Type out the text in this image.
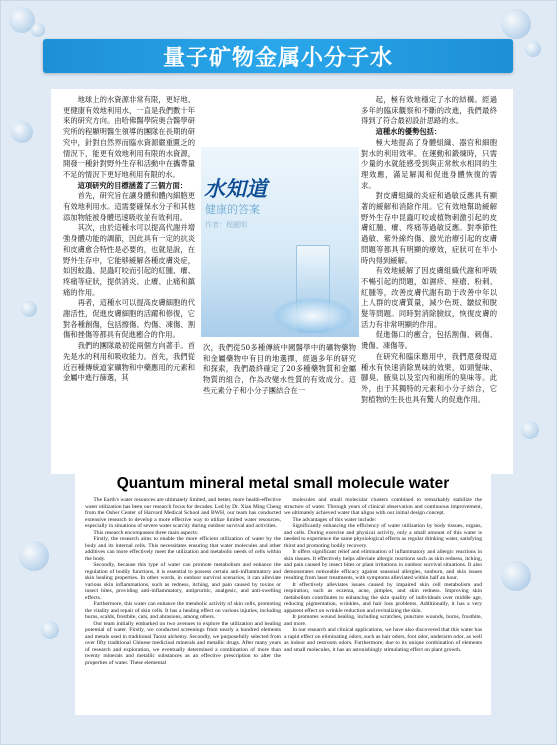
量子矿物金属小分子水

地球上的水資源非常有限，更好地、更健康有效地利用水，一直是我們數十年來的研究方向。由哈佛醫學院奧合醫學研究所的程顯明醫生領導的團隊在長期的研究中，針對自然界而臨水資源嚴重匱乏的情況下，能更有效地利用有限的水資源，開發一種針對野外生存和活動中在攜帶量不足的情況下更好地利用有限的水。

這項研究的目標涵蓋了三個方面：

首先，研究旨在讓身體和體內細胞更有效地利用水。這需要確保水分子和其他添加物能被身體迅速吸收並有效利用。

其次，由於這種水可以提高代謝并增強身體功能的調節，因此具有一定的抗炎和皮膚愈合特性是必要的，也就是說，在野外生存中，它能够緩解各種皮膚炎症，如因蚊蟲、昆蟲叮咬而引起的紅腫、癢、疼痛等症狀，提供消炎、止癢、止痛和鎮痛的作用。

再者，這種水可以提高皮膚細胞的代謝活性，促進皮膚細胞的活躍和修復，它對各種創傷，包括擦傷、灼傷、凍傷、割傷和挫傷等都具有促進癒合的作用。

我們的團隊最初從兩個方向著手。首先是水的利用和吸收能力。首先，我們從近百種傳統道家礦物和中藥應用的元素和金屬中進行篩選，其

水知道
健康的答案
作者：程顯明

次，我們從50多種傳統中國醫學中的礦物藥物和金屬藥物中有目的地選擇，經過多年的研究和探索，我們最終確定了20多種藥物質和金屬物質的組合，作為改變水性質的有效成分。這些元素分子和小分子團結合在一

起，極有效地穩定了水的結構。經過多年的臨床觀察和不斷的改進，我們最終得到了符合最初設計思路的水。

這種水的優勢包括：

極大地提高了身體組織、器官和細胞對水的利用效率。在運動和鍛煉時，只需少量的水就能感受到與正常飲水相同的生理效應，滿足解渴和促進身體恢復的需求。

對皮膚組織的炎症和過敏反應具有顯著的緩解和消除作用。它有效地幫助緩解野外生存中昆蟲叮咬或植物刺激引起的皮膚紅腫、癢、疼痛等過敏反應。對季節性過敏、紫外線灼傷、激光治療引起的皮膚問題等都具有明顯的療效，症狀可在半小時內得到緩解。

有效地緩解了因皮膚組織代謝和呼吸不暢引起的問題，如濕疹、痤瘡、粉刺、紅腫等，改善皮膚代謝有助于改善中年以上人群的皮膚質量，減少色斑、皺紋和脫髮等問題。同時對消除臉紋，恢復皮膚的活力有非常明顯的作用。

促進傷口的癒合，包括割傷、刺傷、燙傷、凍傷等。

在研究和臨床應用中，我們還發現這種水有快速消除異味的效果，如頭髮味、腳臭、腋臭以及室內和廁所的臭味等。此外，由于其獨特的元素和小分子結合，它對植物的生長也具有驚人的促進作用。

Quantum mineral metal small molecule water

The Earth's water resources are ultimately limited, and better, more health-effective water utilization has been our research focus for decades. Led by Dr. Xian Ming Cheng from the Osher Center of Harvard Medical School and BWH, our team has conducted extensive research to develop a more effective way to utilize limited water resources, especially in situations of severe water scarcity during outdoor survival and activities.

This research encompasses three main aspects:

Firstly, the research aims to enable the more efficient utilization of water by the body and its internal cells. This necessitates ensuring that water molecules and other additives can more effectively meet the utilization and metabolic needs of cells within the body.

Secondly, because this type of water can promote metabolism and enhance the regulation of bodily functions, it is essential to possess certain anti-inflammatory and skin healing properties. In other words, in outdoor survival scenarios, it can alleviate various skin inflammations, such as redness, itching, and pain caused by toxins or insect bites, providing anti-inflammatory, antipruritic, analgesic, and anti-swelling effects.

Furthermore, this water can enhance the metabolic activity of skin cells, promoting the vitality and repair of skin cells. It has a healing effect on various injuries, including burns, scalds, frostbite, cuts, and abrasions, among others.

Our team initially embarked on two avenues to explore the utilization and healing potential of water. Firstly, we conducted screenings from nearly a hundred elements and metals used in traditional Taoist alchemy. Secondly, we purposefully selected from over fifty traditional Chinese medicinal minerals and metallic drugs. After many years of research and exploration, we eventually determined a combination of more than twenty minerals and metallic substances as an effective prescription to alter the properties of water. These elemental

molecules and small molecular clusters combined to remarkably stabilize the structure of water. Through years of clinical observation and continuous improvement, we ultimately achieved water that aligns with our initial design concept.

The advantages of this water include:

Significantly enhancing the efficiency of water utilization by body tissues, organs, and cells. During exercise and physical activity, only a small amount of this water is needed to experience the same physiological effects as regular drinking water, satisfying thirst and promoting bodily recovery.

It offers significant relief and elimination of inflammatory and allergic reactions in skin tissues. It effectively helps alleviate allergic reactions such as skin redness, itching, and pain caused by insect bites or plant irritations in outdoor survival situations. It also demonstrates noticeable efficacy against seasonal allergies, sunburn, and skin issues resulting from laser treatments, with symptoms alleviated within half an hour.

It effectively alleviates issues caused by impaired skin cell metabolism and respiration, such as eczema, acne, pimples, and skin redness. Improving skin metabolism contributes to enhancing the skin quality of individuals over middle age, reducing pigmentation, wrinkles, and hair loss problems. Additionally, it has a very apparent effect on wrinkle reduction and revitalizing the skin.

It promotes wound healing, including scratches, puncture wounds, burns, frostbite, and more.

In our research and clinical applications, we have also discovered that this water has a rapid effect on eliminating odors, such as hair odors, foot odor, underarm odor, as well as indoor and restroom odors. Furthermore, due to its unique combination of elements and small molecules, it has an astonishingly stimulating effect on plant growth.
